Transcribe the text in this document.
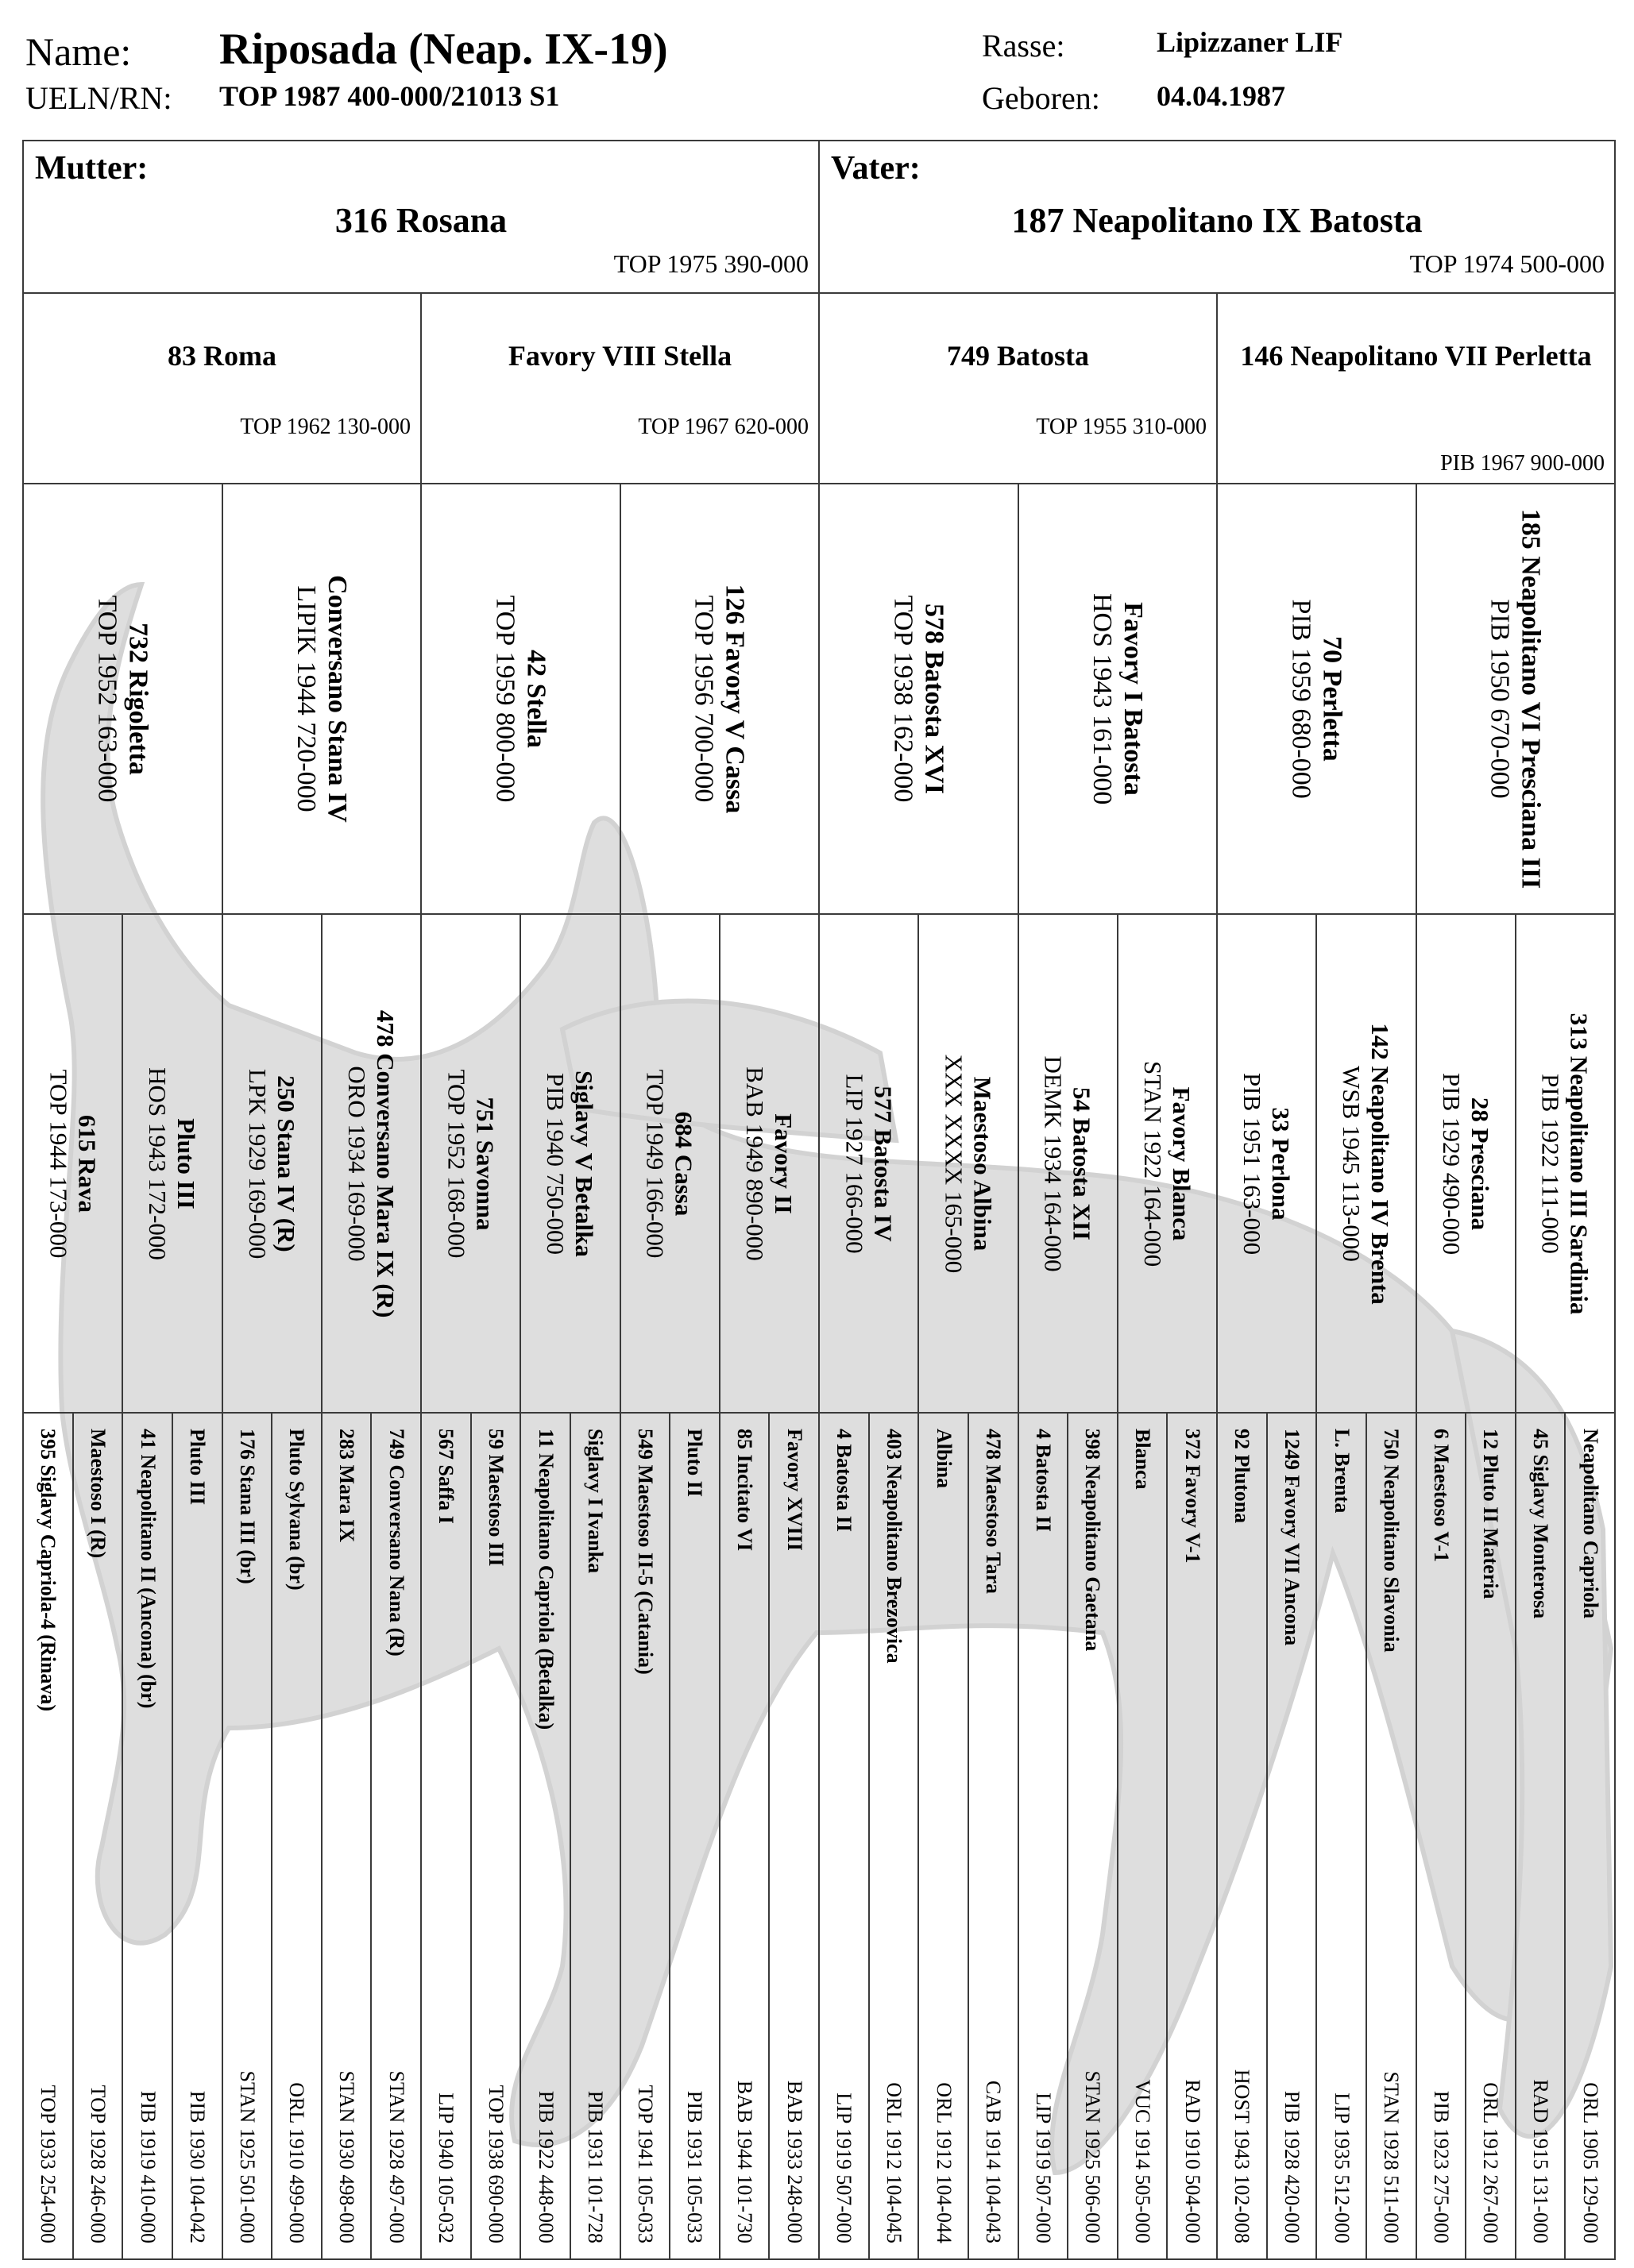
Name: Riposada (Neap. IX-19)
UELN/RN: TOP 1987 400-000/21013 S1
Rasse:	Lipizzaner LIF
Geboren: 04.04.1987
Mutter:
316 Rosana
TOP 1975 390-000
Vater:
187 Neapolitano IX Batosta
TOP 1974 500-000
83 Roma
TOP 1962 130-000
Favory VIII Stella
TOP 1967 620-000
749 Batosta
TOP 1955 310-000
146 Neapolitano VII Perletta
PIB 1967 900-000
732 Rigoletta
TOP 1952 163-000	Conversano Stana IV
LIPIK 1944 720-000	42 Stella
TOP 1959 800-000	126 Favory V Cassa
TOP 1956 700-000	578 Batosta XVI
TOP 1938 162-000	Favory I Batosta
HOS 1943 161-000	70 Perletta
PIB 1959 680-000	185 Neapolitano VI Presciana III
PIB 1950 670-000
615 Rava
TOP 1944 173-000	Pluto III
HOS 1943 172-000	250 Stana IV (R)
LPK 1929 169-000	478 Conversano Mara IX (R)
ORO 1934 169-000	751 Savonna
TOP 1952 168-000	Siglavy V Betalka
PIB 1940 750-000	684 Cassa
TOP 1949 166-000	Favory II
BAB 1949 890-000	577 Batosta IV
LIP 1927 166-000	Maestoso Albina
XXX XXXX 165-000	54 Batosta XII
DEMK 1934 164-000	Favory Blanca
STAN 1922 164-000	33 Perlona
PIB 1951 163-000	142 Neapolitano IV Brenta
WSB 1945 113-000	28 Presciana
PIB 1929 490-000	313 Neapolitano III Sardinia
PIB 1922 111-000
395 Siglavy Capriola-4 (Rinava)
TOP 1933 254-000
Maestoso I (R)
TOP 1928 246-000
41 Neapolitano II (Ancona) (br)
PIB 1919 410-000
Pluto III
PIB 1930 104-042
176 Stana III (br)
STAN 1925 501-000
Pluto Sylvana (br)
ORL 1910 499-000
283 Mara IX
STAN 1930 498-000
749 Conversano Nana (R)
STAN 1928 497-000
567 Saffa I
LIP 1940 105-032
59 Maestoso III
TOP 1938 690-000
11 Neapolitano Capriola (Betalka)
PIB 1922 448-000
Siglavy I Ivanka
PIB 1931 101-728
549 Maestoso II-5 (Catania)
TOP 1941 105-033
Pluto II
PIB 1931 105-033
85 Incitato VI
BAB 1944 101-730
Favory XVIII
BAB 1933 248-000
4 Batosta II
LIP 1919 507-000
403 Neapolitano Brezovica
ORL 1912 104-045
Albina
ORL 1912 104-044
478 Maestoso Tara
CAB 1914 104-043
4 Batosta II
LIP 1919 507-000
398 Neapolitano Gaetana
STAN 1925 506-000
Blanca
VUC 1914 505-000
372 Favory V-1
RAD 1910 504-000
92 Plutona
HOST 1943 102-008
1249 Favory VII Ancona
PIB 1928 420-000
L. Brenta
LIP 1935 512-000
750 Neapolitano Slavonia
STAN 1928 511-000
6 Maestoso V-1
PIB 1923 275-000
12 Pluto II Materia
ORL 1912 267-000
45 Siglavy Monterosa
RAD 1915 131-000
Neapolitano Capriola
ORL 1905 129-000
